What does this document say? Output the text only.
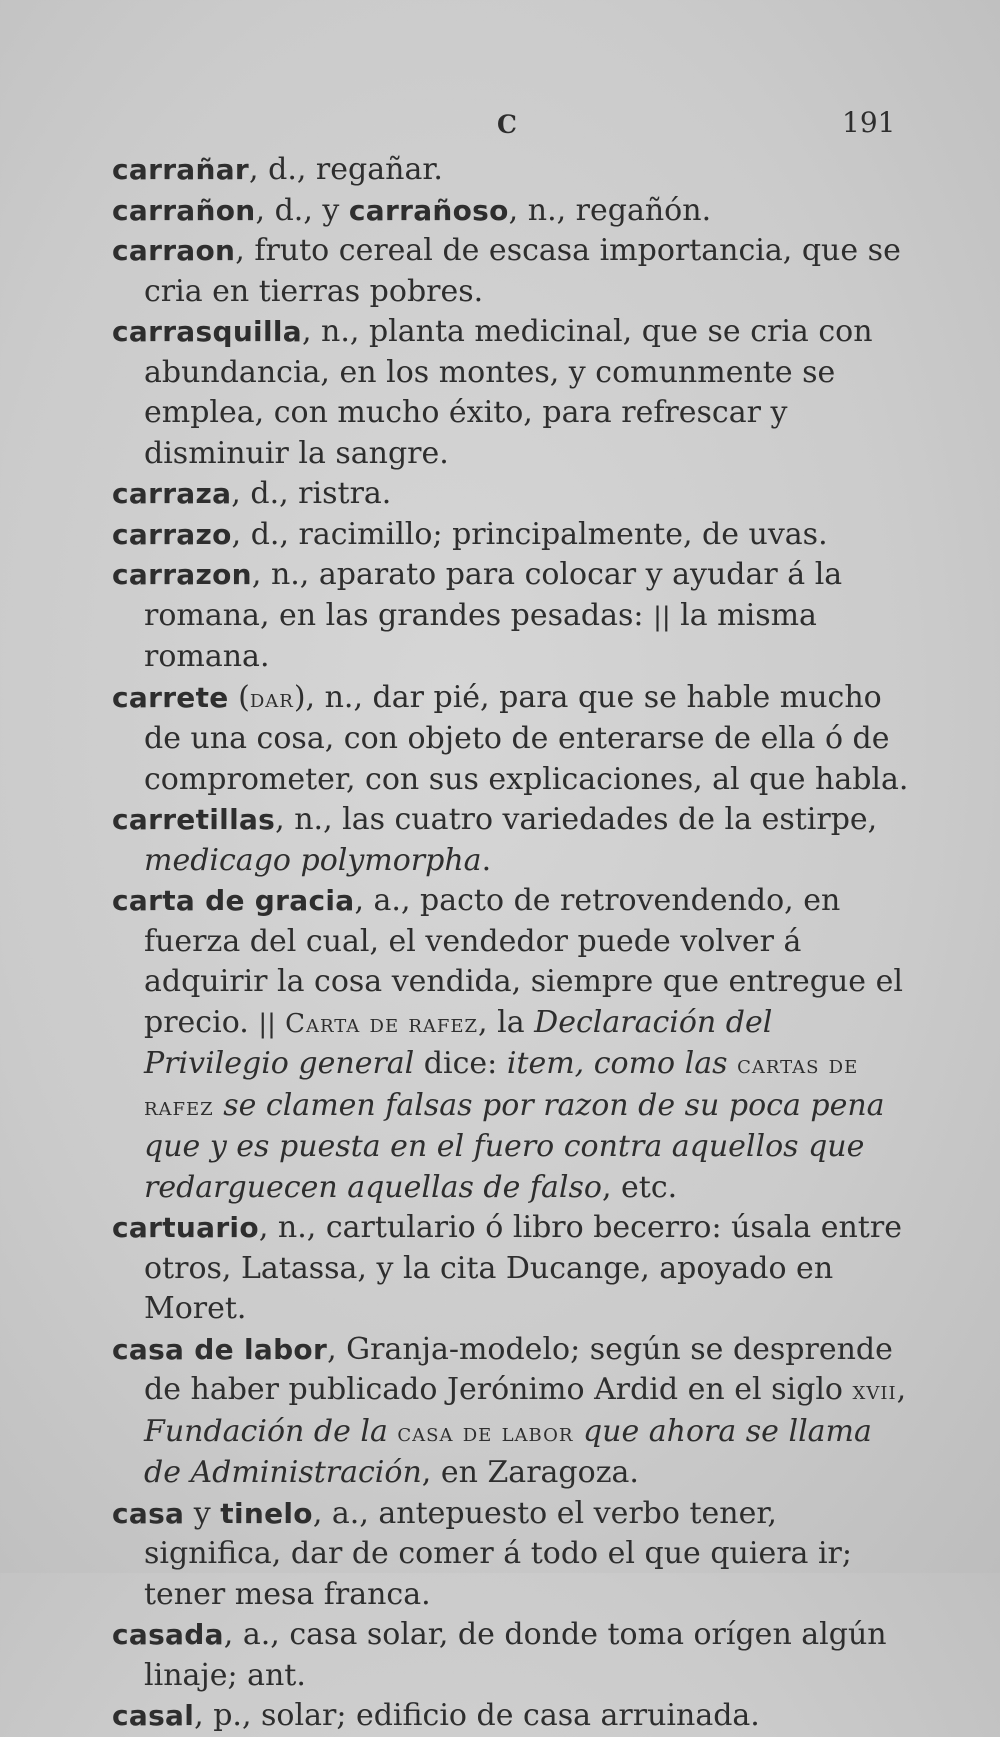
C	191

carrañar, d., regañar.

carrañon, d., y carrañoso, n., regañón.

carraon, fruto cereal de escasa importancia, que se cria en tierras pobres.

carrasquilla, n., planta medicinal, que se cria con abundancia, en los montes, y comunmente se emplea, con mucho éxito, para refrescar y disminuir la sangre.

carraza, d., ristra.

carrazo, d., racimillo; principalmente, de uvas.

carrazon, n., aparato para colocar y ayudar á la romana, en las grandes pesadas: || la misma romana.

carrete (dar), n., dar pié, para que se hable mucho de una cosa, con objeto de enterarse de ella ó de comprometer, con sus explicaciones, al que habla.

carretillas, n., las cuatro variedades de la estirpe, medicago polymorpha.

carta de gracia, a., pacto de retrovendendo, en fuerza del cual, el vendedor puede volver á adquirir la cosa vendida, siempre que entregue el precio. || Carta de rafez, la Declaración del Privilegio general dice: item, como las cartas de rafez se clamen falsas por razon de su poca pena que y es puesta en el fuero contra aquellos que redarguecen aquellas de falso, etc.

cartuario, n., cartulario ó libro becerro: úsala entre otros, Latassa, y la cita Ducange, apoyado en Moret.

casa de labor, Granja-modelo; según se desprende de haber publicado Jerónimo Ardid en el siglo xvii, Fundación de la casa de labor que ahora se llama de Administración, en Zaragoza.

casa y tinelo, a., antepuesto el verbo tener, significa, dar de comer á todo el que quiera ir; tener mesa franca.

casada, a., casa solar, de donde toma orígen algún linaje; ant.

casal, p., solar; edificio de casa arruinada.
